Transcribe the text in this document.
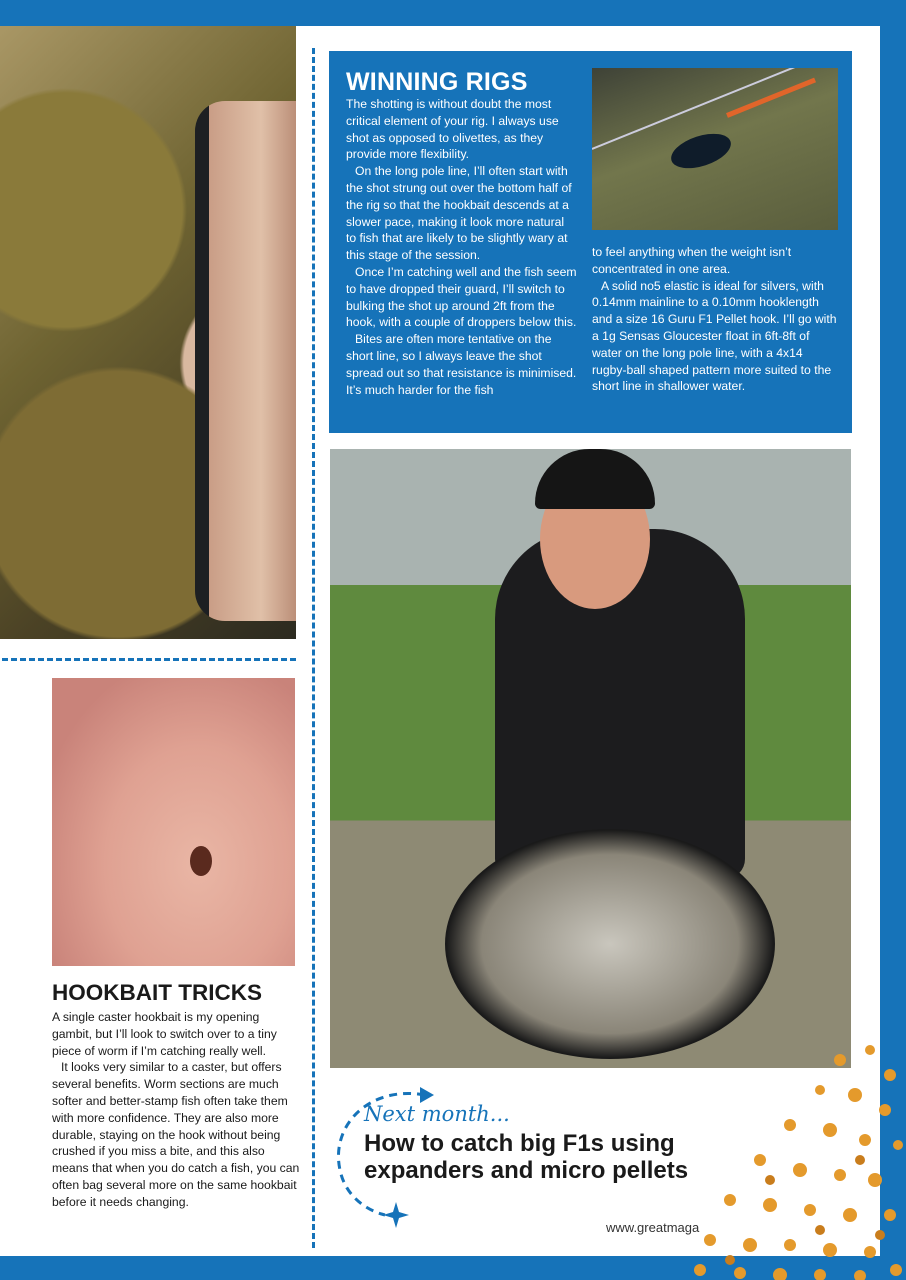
WINNING RIGS

The shotting is without doubt the most critical element of your rig. I always use shot as opposed to olivettes, as they provide more flexibility.

On the long pole line, I’ll often start with the shot strung out over the bottom half of the rig so that the hookbait descends at a slower pace, making it look more natural to fish that are likely to be slightly wary at this stage of the session.

Once I’m catching well and the fish seem to have dropped their guard, I’ll switch to bulking the shot up around 2ft from the hook, with a couple of droppers below this.

Bites are often more tentative on the short line, so I always leave the shot spread out so that resistance is minimised. It’s much harder for the fish

to feel anything when the weight isn’t concentrated in one area.

A solid no5 elastic is ideal for silvers, with 0.14mm mainline to a 0.10mm hooklength and a size 16 Guru F1 Pellet hook. I’ll go with a 1g Sensas Gloucester float in 6ft-8ft of water on the long pole line, with a 4x14 rugby-ball shaped pattern more suited to the short line in shallower water.

HOOKBAIT TRICKS

A single caster hookbait is my opening gambit, but I’ll look to switch over to a tiny piece of worm if I’m catching really well.

It looks very similar to a caster, but offers several benefits. Worm sections are much softer and better-stamp fish often take them with more confidence. They are also more durable, staying on the hook without being crushed if you miss a bite, and this also means that when you do catch a fish, you can often bag several more on the same hookbait before it needs changing.

Next month...

How to catch big F1s using expanders and micro pellets

www.greatmaga
